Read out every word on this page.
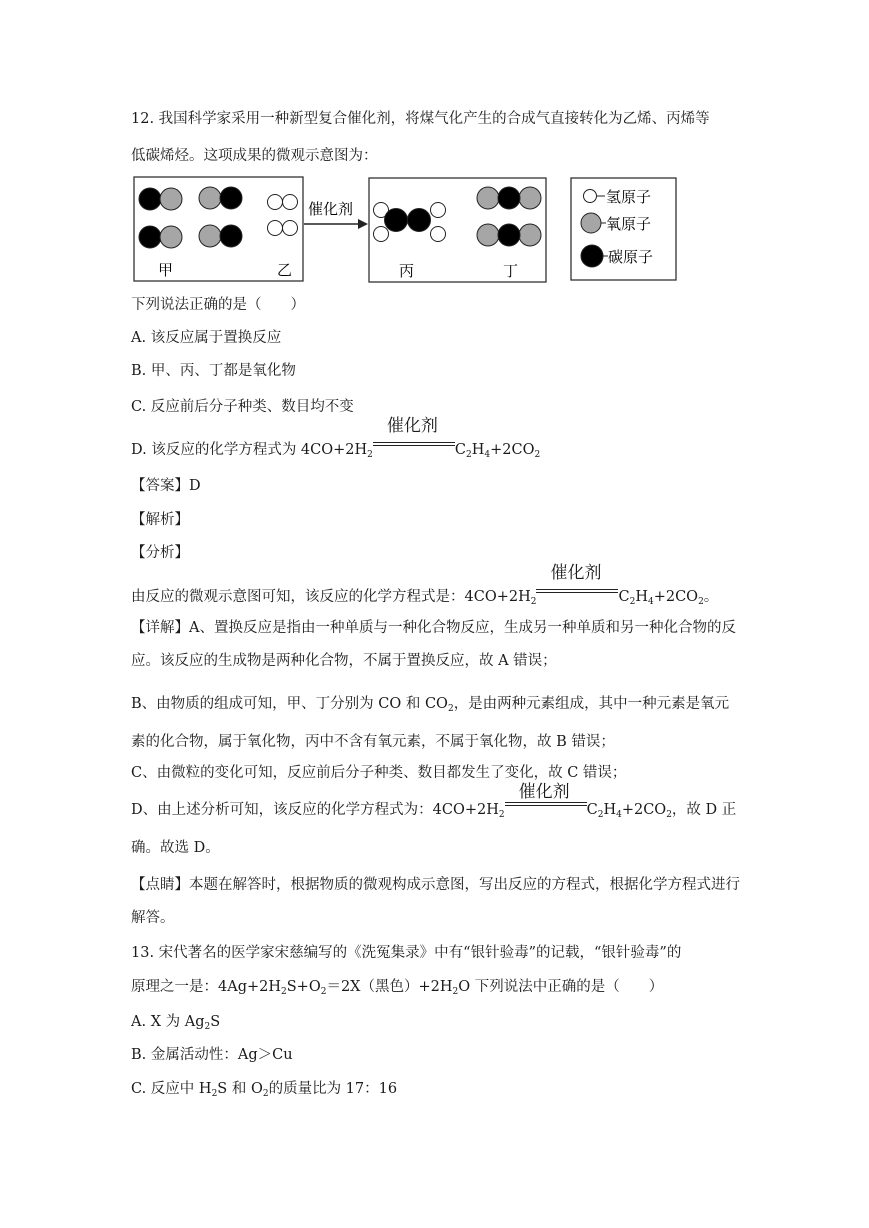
12. 我国科学家采用一种新型复合催化剂，将煤气化产生的合成气直接转化为乙烯、丙烯等
低碳烯烃。这项成果的微观示意图为：
甲	乙
催化剂
丙	丁
氢原子
氧原子
碳原子
下列说法正确的是（　　）
A. 该反应属于置换反应
B. 甲、丙、丁都是氧化物
C. 反应前后分子种类、数目均不变
D. 该反应的化学方程式为 $4CO+2H_2$
催化剂
$C_2H_4+2CO_2$
【答案】D
【解析】
【分析】
由反应的微观示意图可知，该反应的化学方程式是：$4CO+2H_2$
催化剂
$C_2H_4+2CO_2$。
【详解】A、置换反应是指由一种单质与一种化合物反应，生成另一种单质和另一种化合物的反应。该反应的生成物是两种化合物，不属于置换反应，故 A 错误；
B、由物质的组成可知，甲、丁分别为 CO 和 $CO_2$，是由两种元素组成，其中一种元素是氧元素的化合物，属于氧化物，丙中不含有氧元素，不属于氧化物，故 B 错误；
C、由微粒的变化可知，反应前后分子种类、数目都发生了变化，故 C 错误；
D、由上述分析可知，该反应的化学方程式为：$4CO+2H_2$
催化剂
$C_2H_4+2CO_2$，故 D 正确。故选 D。
【点睛】本题在解答时，根据物质的微观构成示意图，写出反应的方程式，根据化学方程式进行解答。
13. 宋代著名的医学家宋慈编写的《洗冤集录》中有“银针验毒”的记载，“银针验毒”的
原理之一是：$4Ag+2H_2S+O_2=2X$（黑色）$+2H_2O$ 下列说法中正确的是（　　）
A. X 为 $Ag_2S$
B. 金属活动性：Ag＞Cu
C. 反应中 $H_2S$ 和 $O_2$的质量比为 17：16
